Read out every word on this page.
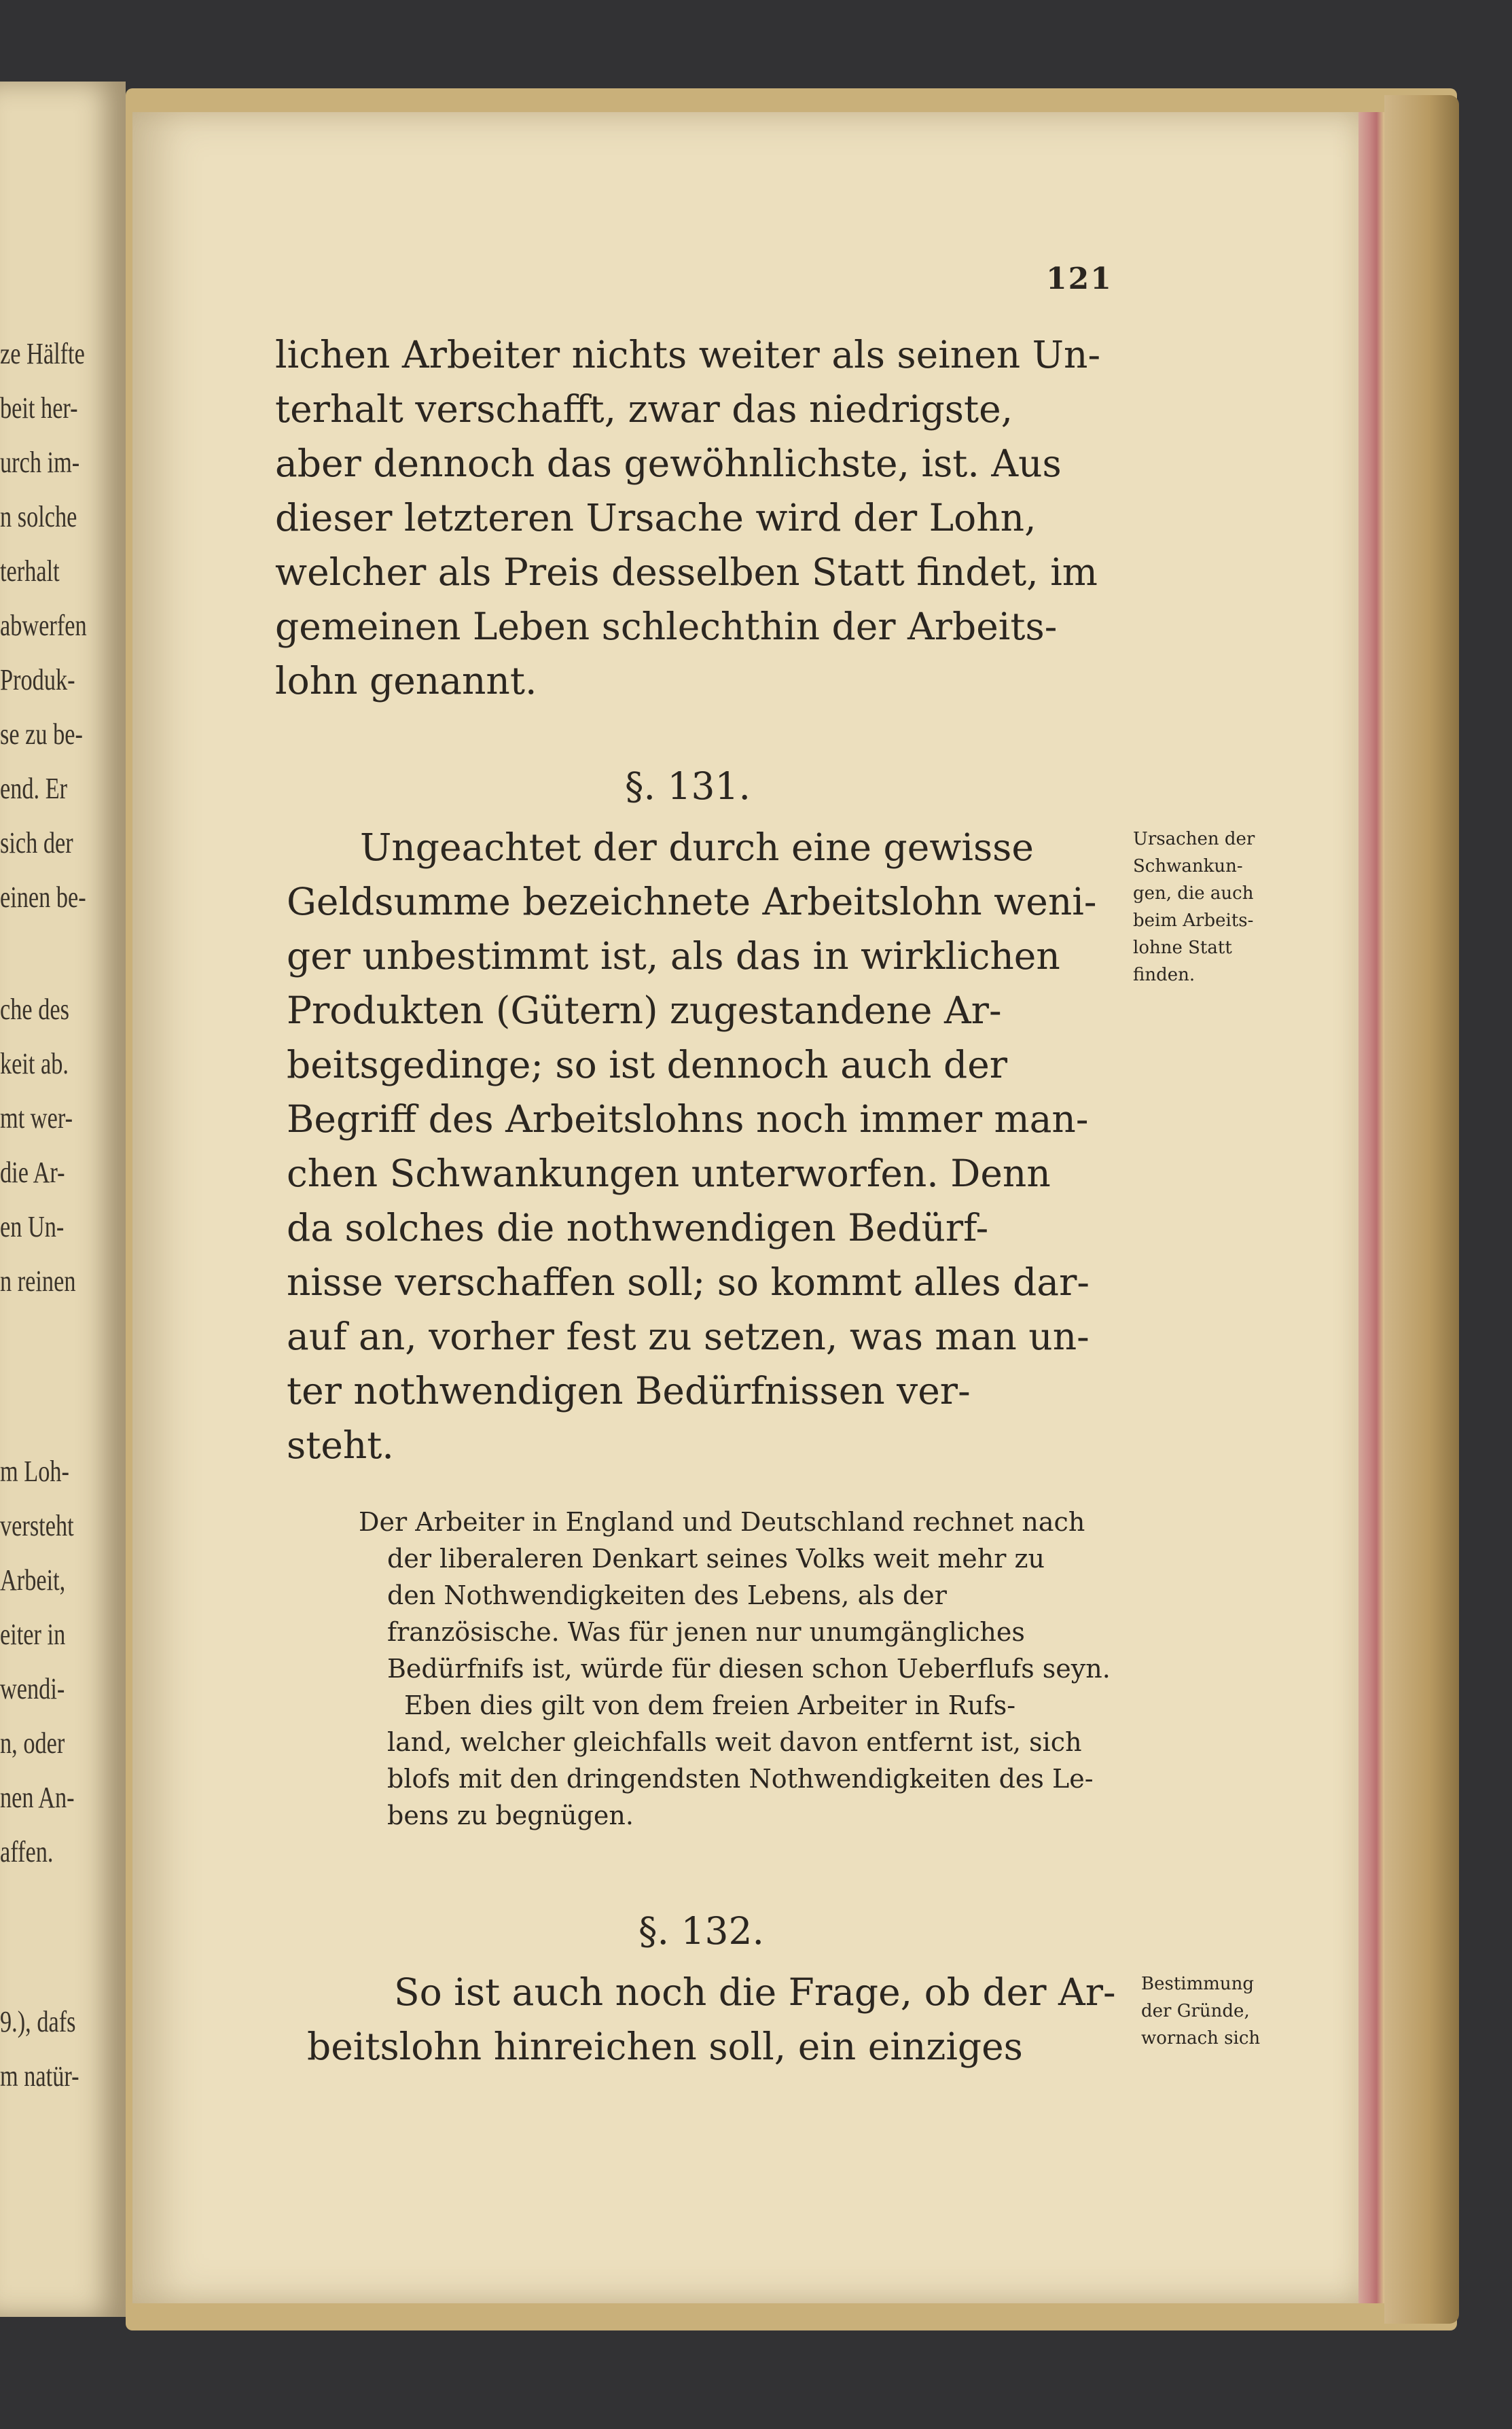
ze Hälfte
beit her-
urch im-
n solche
terhalt
abwerfen
Produk-
se zu be-
end. Er
sich der
einen be-
che des
keit ab.
mt wer-
die Ar-
en Un-
n reinen
m Loh-
versteht
Arbeit,
eiter in
wendi-
n, oder
nen An-
affen.
9.), dafs
m natür-
121
lichen Arbeiter nichts weiter als seinen Un-
terhalt verschafft, zwar das niedrigste,
aber dennoch das gewöhnlichste, ist. Aus
dieser letzteren Ursache wird der Lohn,
welcher als Preis desselben Statt findet, im
gemeinen Leben schlechthin der Arbeits-
lohn genannt.
§. 131.
Ungeachtet der durch eine gewisse
Geldsumme bezeichnete Arbeitslohn weni-
ger unbestimmt ist, als das in wirklichen
Produkten (Gütern) zugestandene Ar-
beitsgedinge; so ist dennoch auch der
Begriff des Arbeitslohns noch immer man-
chen Schwankungen unterworfen. Denn
da solches die nothwendigen Bedürf-
nisse verschaffen soll; so kommt alles dar-
auf an, vorher fest zu setzen, was man un-
ter nothwendigen Bedürfnissen ver-
steht.
Der Arbeiter in England und Deutschland rechnet nach
der liberaleren Denkart seines Volks weit mehr zu
den Nothwendigkeiten des Lebens, als der
französische. Was für jenen nur unumgängliches
Bedürfnifs ist, würde für diesen schon Ueberflufs seyn.
Eben dies gilt von dem freien Arbeiter in Rufs-
land, welcher gleichfalls weit davon entfernt ist, sich
blofs mit den dringendsten Nothwendigkeiten des Le-
bens zu begnügen.
§. 132.
So ist auch noch die Frage, ob der Ar-
beitslohn hinreichen soll, ein einziges
Ursachen der
Schwankun-
gen, die auch
beim Arbeits-
lohne Statt
finden.
Bestimmung
der Gründe,
wornach sich
